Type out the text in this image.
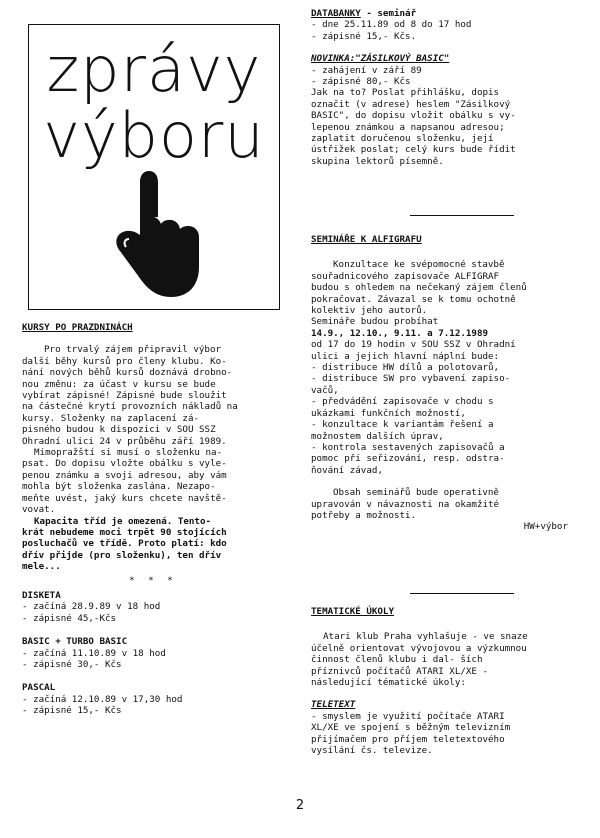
zprávy
výboru
KURSY PO PRAZDNINÁCH
Pro trvalý zájem připravil výbor
další běhy kursů pro členy klubu. Ko-
nání nových běhů kursů doznává drobno-
nou změnu: za účast v kursu se bude
vybírat zápisné! Zápisné bude sloužit
na částečné krytí provozních nákladů na
kursy. Složenky na zaplacení zá-
pisného budou k dispozici v SOU SSZ
Ohradní ulici 24 v průběhu září 1989.
Mimopražští si musí o složenku na-
psat. Do dopisu vložte obálku s vyle-
penou známku a svoji adresou, aby vám
mohla být složenka zaslána. Nezapo-
meňte uvést, jaký kurs chcete navště-
vovat.
Kapacita tříd je omezená. Tento-
krát nebudeme moci trpět 90 stojících
posluchačů ve třídě. Proto platí: kdo
dřív přijde (pro složenku), ten dřív
mele...
* * *
DISKETA
- začíná 28.9.89 v 18 hod
- zápisné 45,-Kčs
BASIC + TURBO BASIC
- začíná 11.10.89 v 18 hod
- zápisné 30,- Kčs
PASCAL
- začíná 12.10.89 v 17,30 hod
- zápisné 15,- Kčs
DATABANKY - seminář
- dne 25.11.89 od 8 do 17 hod
- zápisné 15,- Kčs.
NOVINKA:"ZÁSILKOVÝ BASIC"
- zahájení v září 89
- zápisné 80,- Kčs
Jak na to? Poslat přihlášku, dopis
označit (v adrese) heslem "Zásilkový
BASIC", do dopisu vložit obálku s vy-
lepenou známkou a napsanou adresou;
zaplatit doručenou složenku, její
ústřižek poslat; celý kurs bude řídit
skupina lektorů písemně.
SEMINÁŘE K ALFIGRAFU
Konzultace ke svépomocné stavbě
souřadnicového zapisovače ALFIGRAF
budou s ohledem na nečekaný zájem členů
pokračovat. Závazal se k tomu ochotně
kolektiv jeho autorů.
Semináře budou probíhat
14.9., 12.10., 9.11. a 7.12.1989
od 17 do 19 hodin v SOU SSZ v Ohradní
ulici a jejich hlavní náplní bude:
- distribuce HW dílů a polotovarů,
- distribuce SW pro vybavení zapiso-
vačů,
- předvádění zapisovače v chodu s
ukázkami funkčních možností,
- konzultace k variantám řešení a
možnostem dalších úprav,
- kontrola sestavených zapisovačů a
pomoc při seřizování, resp. odstra-
ňování závad,
Obsah seminářů bude operativně
upravován v návaznosti na okamžité
potřeby a možnosti.
HW+výbor
TEMATICKÉ ÚKOLY
Atari klub Praha vyhlašuje - ve snaze
účelně orientovat vývojovou a výzkumnou
činnost členů klubu i dal- ších
příznivců počítačů ATARI XL/XE -
následující tématické úkoly:
TELETEXT
- smyslem je využití počítače ATARI
XL/XE ve spojení s běžným televizním
přijímačem pro příjem teletextového
vysílání čs. televize.
2
